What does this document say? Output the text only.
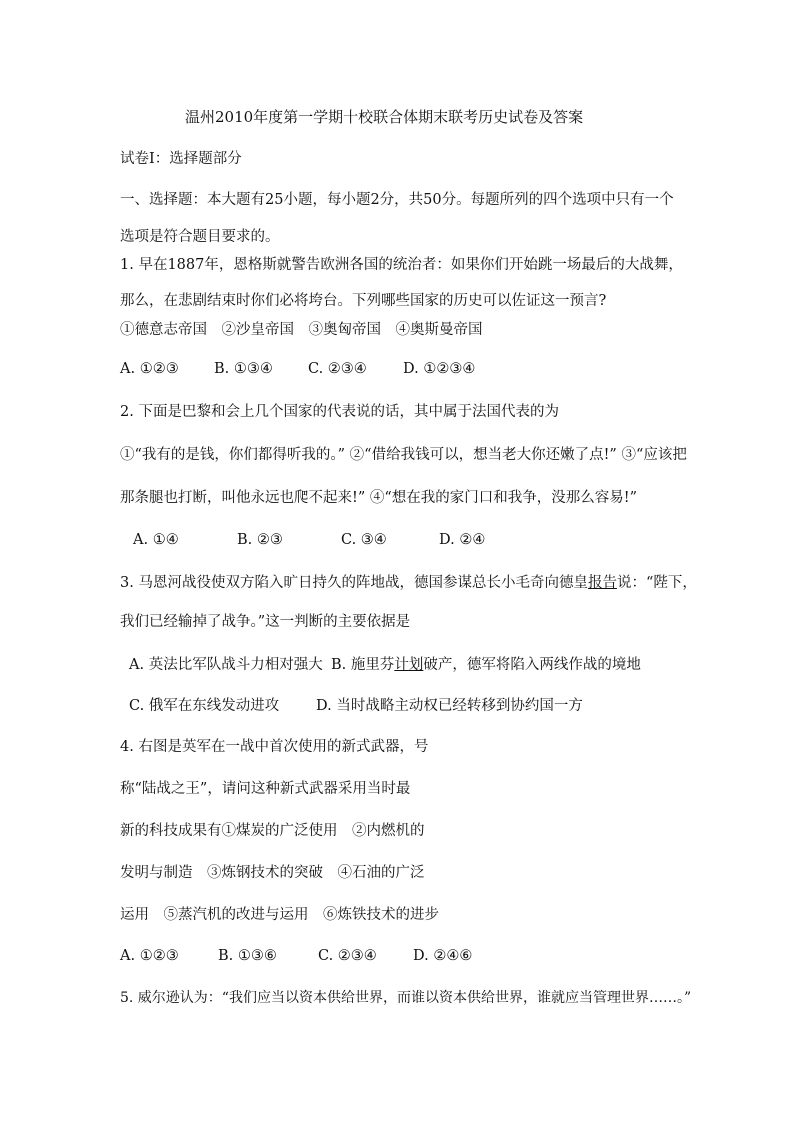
温州2010年度第一学期十校联合体期末联考历史试卷及答案
试卷I：选择题部分
一、选择题：本大题有25小题，每小题2分，共50分。每题所列的四个选项中只有一个
选项是符合题目要求的。
1. 早在1887年，恩格斯就警告欧洲各国的统治者：如果你们开始跳一场最后的大战舞，
那么，在悲剧结束时你们必将垮台。下列哪些国家的历史可以佐证这一预言?
①德意志帝国　②沙皇帝国　③奥匈帝国　④奥斯曼帝国
A. ①②③ B. ①③④ C. ②③④ D. ①②③④
2. 下面是巴黎和会上几个国家的代表说的话，其中属于法国代表的为
①“我有的是钱，你们都得听我的。” ②“借给我钱可以，想当老大你还嫩了点!” ③“应该把
那条腿也打断，叫他永远也爬不起来!” ④“想在我的家门口和我争，没那么容易!”
A. ①④	B. ②③	C. ③④	D. ②④
3. 马恩河战役使双方陷入旷日持久的阵地战，德国参谋总长小毛奇向德皇报告说：“陛下，
我们已经输掉了战争。”这一判断的主要依据是
A. 英法比军队战斗力相对强大 B. 施里芬计划破产，德军将陷入两线作战的境地
C. 俄军在东线发动进攻	D. 当时战略主动权已经转移到协约国一方
4. 右图是英军在一战中首次使用的新式武器，号
称“陆战之王”，请问这种新式武器采用当时最
新的科技成果有①煤炭的广泛使用　②内燃机的
发明与制造　③炼钢技术的突破　④石油的广泛
运用　⑤蒸汽机的改进与运用　⑥炼铁技术的进步
A. ①②③	B. ①③⑥	C. ②③④ D. ②④⑥
5. 威尔逊认为：“我们应当以资本供给世界，而谁以资本供给世界，谁就应当管理世界……。”
